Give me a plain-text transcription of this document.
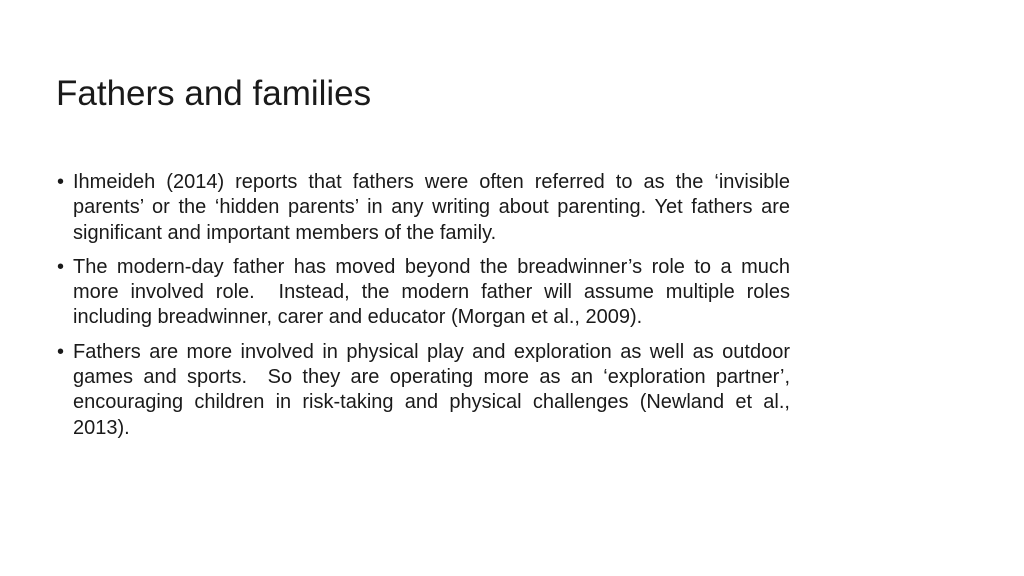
Fathers and families
• Ihmeideh (2014) reports that fathers were often referred to as the ‘invisible parents’ or the ‘hidden parents’ in any writing about parenting. Yet fathers are significant and important members of the family.
• The modern-day father has moved beyond the breadwinner’s role to a much more involved role.  Instead, the modern father will assume multiple roles including breadwinner, carer and educator (Morgan et al., 2009).
• Fathers are more involved in physical play and exploration as well as outdoor games and sports.  So they are operating more as an ‘exploration partner’, encouraging children in risk-taking and physical challenges (Newland et al., 2013).
